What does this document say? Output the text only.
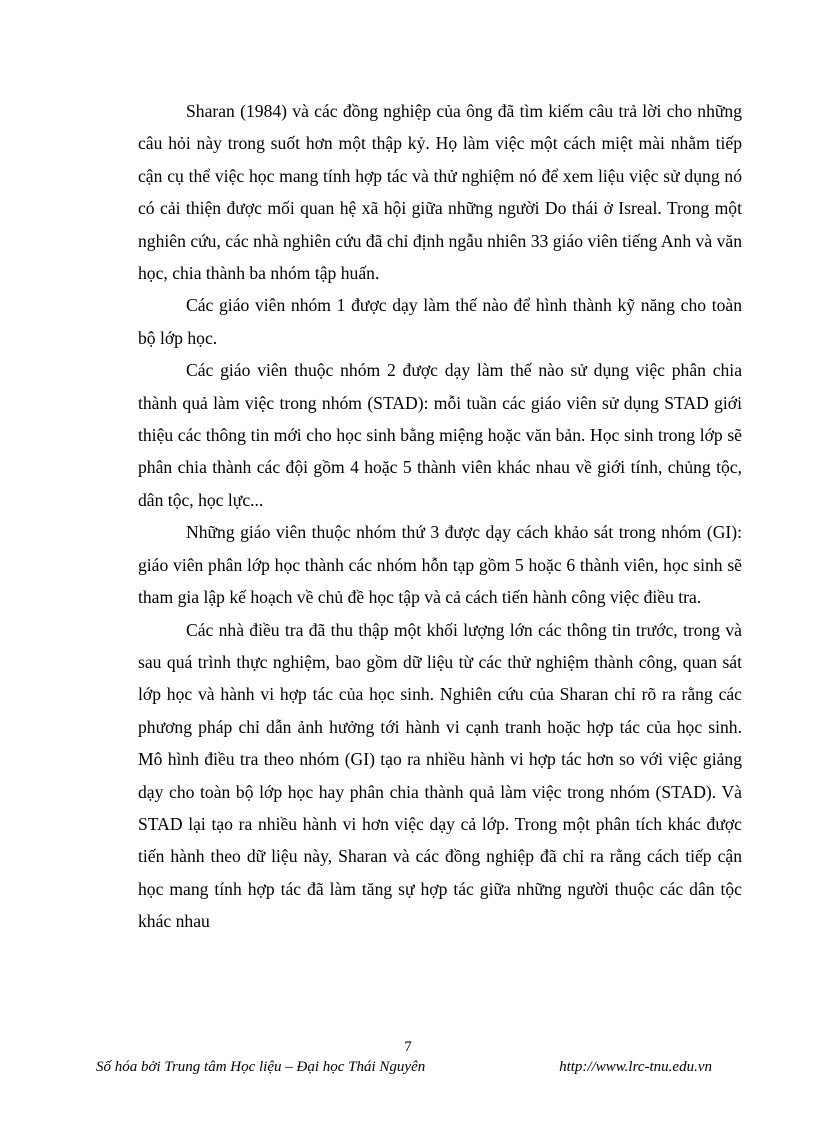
Sharan (1984) và các đồng nghiệp của ông đã tìm kiếm câu trả lời cho những câu hỏi này trong suốt hơn một thập kỷ. Họ làm việc một cách miệt mài nhằm tiếp cận cụ thể việc học mang tính hợp tác và thử nghiệm nó để xem liệu việc sử dụng nó có cải thiện được mối quan hệ xã hội giữa những người Do thái ở Isreal. Trong một nghiên cứu, các nhà nghiên cứu đã chỉ định ngẫu nhiên 33 giáo viên tiếng Anh và văn học, chia thành ba nhóm tập huấn.

Các giáo viên nhóm 1 được dạy làm thế nào để hình thành kỹ năng cho toàn bộ lớp học.

Các giáo viên thuộc nhóm 2 được dạy làm thế nào sử dụng việc phân chia thành quả làm việc trong nhóm (STAD): mỗi tuần các giáo viên sử dụng STAD giới thiệu các thông tin mới cho học sinh bằng miệng hoặc văn bản. Học sinh trong lớp sẽ phân chia thành các đội gồm 4 hoặc 5 thành viên khác nhau về giới tính, chủng tộc, dân tộc, học lực...

Những giáo viên thuộc nhóm thứ 3 được dạy cách khảo sát trong nhóm (GI): giáo viên phân lớp học thành các nhóm hỗn tạp gồm 5 hoặc 6 thành viên, học sinh sẽ tham gia lập kế hoạch về chủ đề học tập và cả cách tiến hành công việc điều tra.

Các nhà điều tra đã thu thập một khối lượng lớn các thông tin trước, trong và sau quá trình thực nghiệm, bao gồm dữ liệu từ các thử nghiệm thành công, quan sát lớp học và hành vi hợp tác của học sinh. Nghiên cứu của Sharan chỉ rõ ra rằng các phương pháp chỉ dẫn ảnh hưởng tới hành vi cạnh tranh hoặc hợp tác của học sinh. Mô hình điều tra theo nhóm (GI) tạo ra nhiều hành vi hợp tác hơn so với việc giảng dạy cho toàn bộ lớp học hay phân chia thành quả làm việc trong nhóm (STAD). Và STAD lại tạo ra nhiều hành vi hơn việc dạy cả lớp. Trong một phân tích khác được tiến hành theo dữ liệu này, Sharan và các đồng nghiệp đã chỉ ra rằng cách tiếp cận học mang tính hợp tác đã làm tăng sự hợp tác giữa những người thuộc các dân tộc khác nhau

7
Số hóa bởi Trung tâm Học liệu – Đại học Thái Nguyên	http://www.lrc-tnu.edu.vn
